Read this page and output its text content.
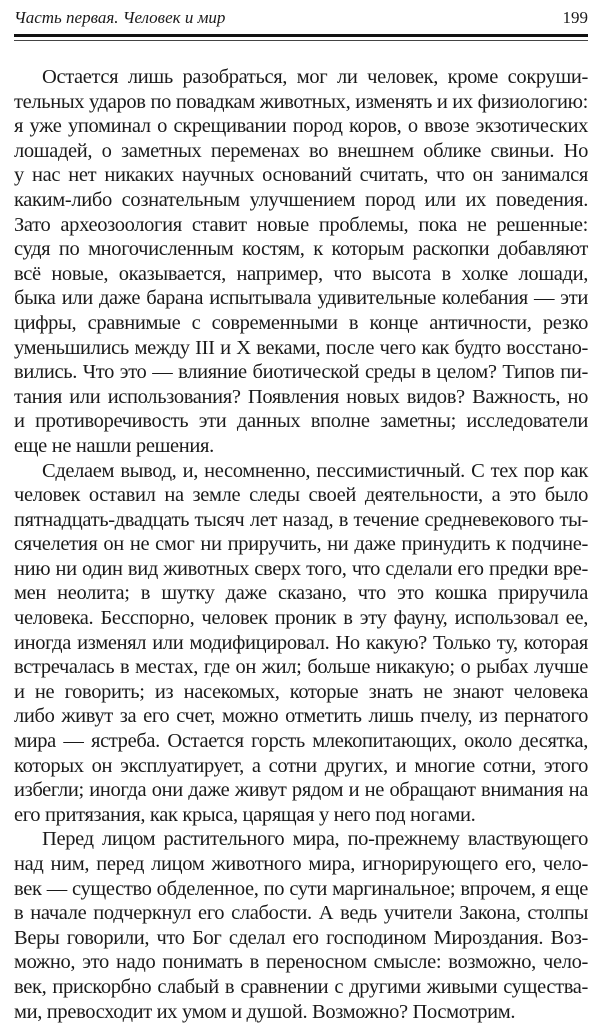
Часть первая. Человек и мир	199
Остается лишь разобраться, мог ли человек, кроме сокруши-
тельных ударов по повадкам животных, изменять и их физиологию:
я уже упоминал о скрещивании пород коров, о ввозе экзотических
лошадей, о заметных переменах во внешнем облике свиньи. Но
у нас нет никаких научных оснований считать, что он занимался
каким-либо сознательным улучшением пород или их поведения.
Зато археозоология ставит новые проблемы, пока не решенные:
судя по многочисленным костям, к которым раскопки добавляют
всё новые, оказывается, например, что высота в холке лошади,
быка или даже барана испытывала удивительные колебания — эти
цифры, сравнимые с современными в конце античности, резко
уменьшились между III и X веками, после чего как будто восстано-
вились. Что это — влияние биотической среды в целом? Типов пи-
тания или использования? Появления новых видов? Важность, но
и противоречивость эти данных вполне заметны; исследователи
еще не нашли решения.
Сделаем вывод, и, несомненно, пессимистичный. С тех пор как
человек оставил на земле следы своей деятельности, а это было
пятнадцать-двадцать тысяч лет назад, в течение средневекового ты-
сячелетия он не смог ни приручить, ни даже принудить к подчине-
нию ни один вид животных сверх того, что сделали его предки вре-
мен неолита; в шутку даже сказано, что это кошка приручила
человека. Бесспорно, человек проник в эту фауну, использовал ее,
иногда изменял или модифицировал. Но какую? Только ту, которая
встречалась в местах, где он жил; больше никакую; о рыбах лучше
и не говорить; из насекомых, которые знать не знают человека
либо живут за его счет, можно отметить лишь пчелу, из пернатого
мира — ястреба. Остается горсть млекопитающих, около десятка,
которых он эксплуатирует, а сотни других, и многие сотни, этого
избегли; иногда они даже живут рядом и не обращают внимания на
его притязания, как крыса, царящая у него под ногами.
Перед лицом растительного мира, по-прежнему властвующего
над ним, перед лицом животного мира, игнорирующего его, чело-
век — существо обделенное, по сути маргинальное; впрочем, я еще
в начале подчеркнул его слабости. А ведь учители Закона, столпы
Веры говорили, что Бог сделал его господином Мироздания. Воз-
можно, это надо понимать в переносном смысле: возможно, чело-
век, прискорбно слабый в сравнении с другими живыми существа-
ми, превосходит их умом и душой. Возможно? Посмотрим.
